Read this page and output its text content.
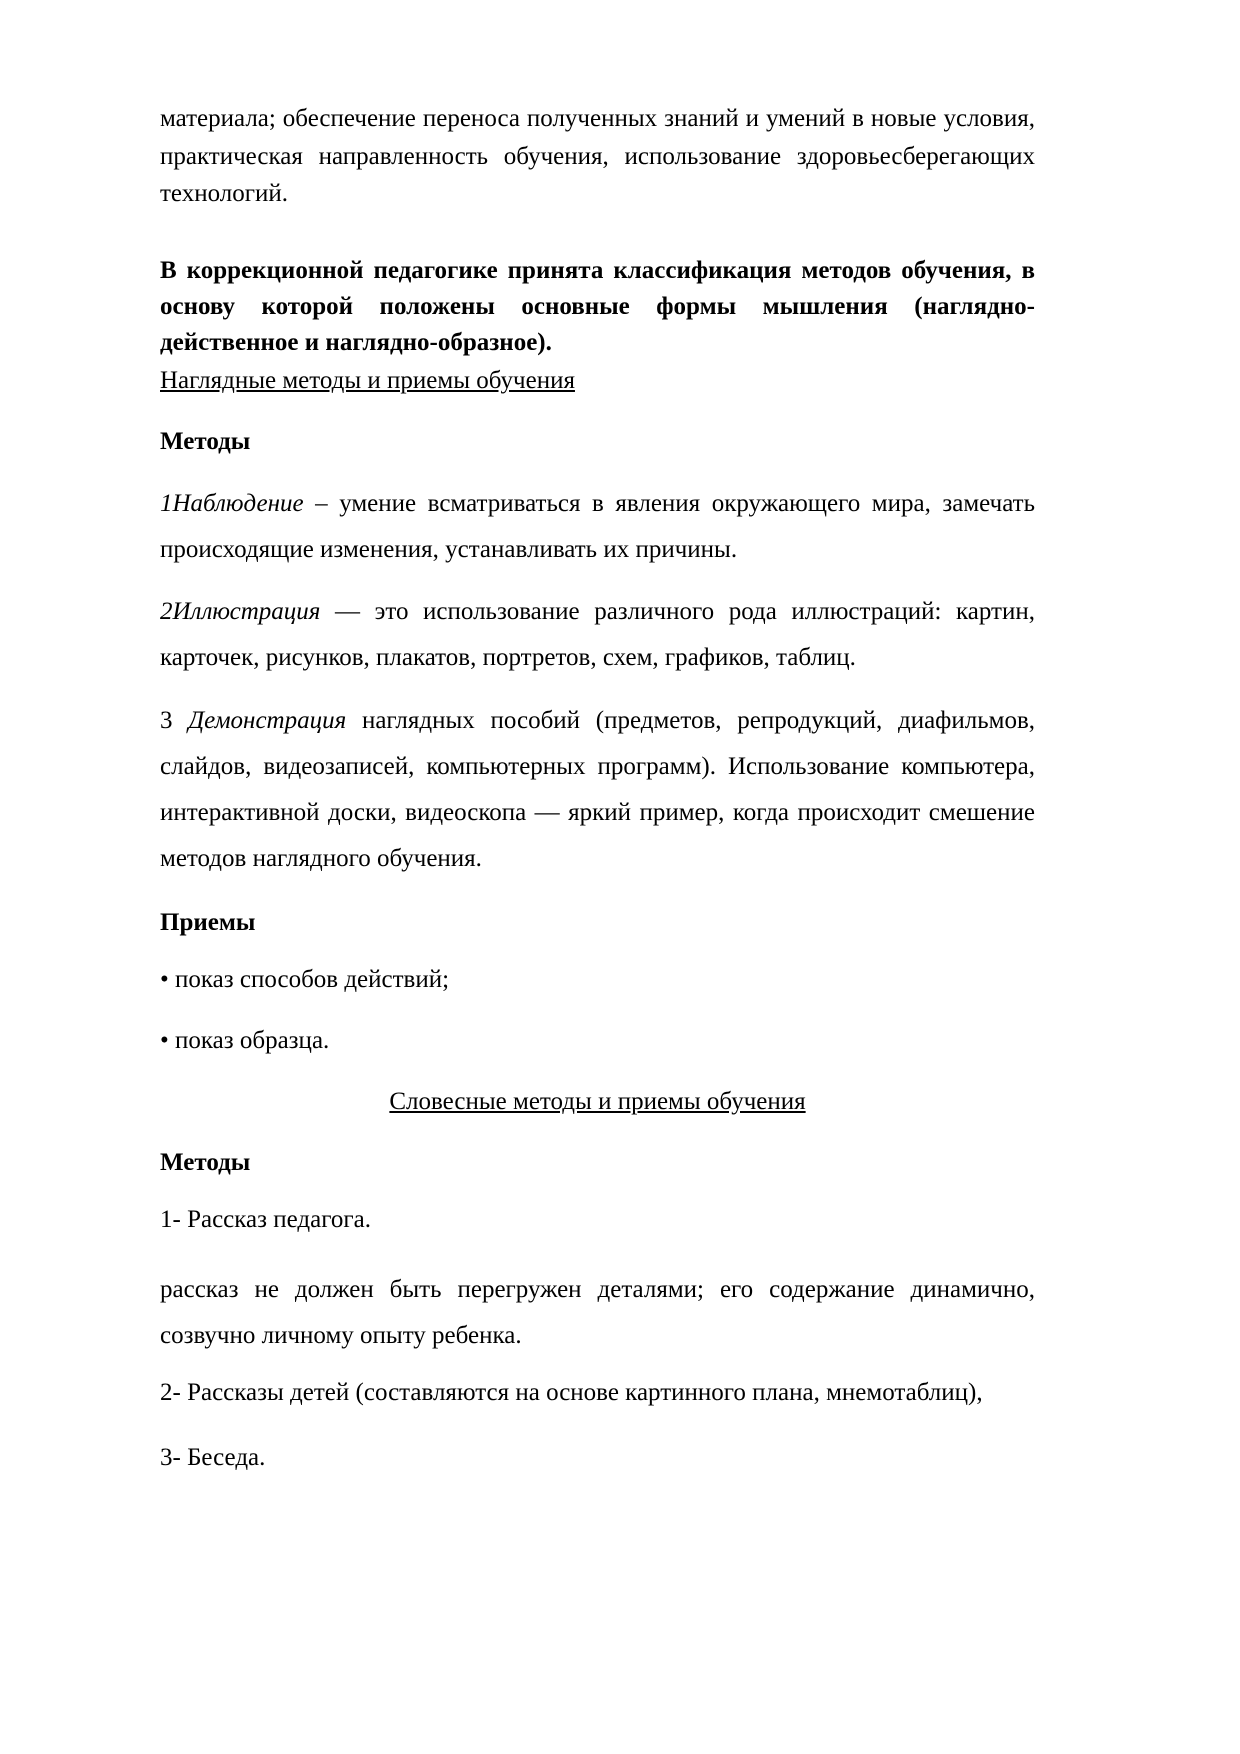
материала; обеспечение переноса полученных знаний и умений в новые условия, практическая направленность обучения, использование здоровьесберегающих технологий.

В коррекционной педагогике принята классификация методов обучения, в основу которой положены основные формы мышления (наглядно-действенное и наглядно-образное).

Наглядные методы и приемы обучения

Методы

1Наблюдение – умение всматриваться в явления окружающего мира, замечать происходящие изменения, устанавливать их причины.

2Иллюстрация — это использование различного рода иллюстраций: картин, карточек, рисунков, плакатов, портретов, схем, графиков, таблиц.

3 Демонстрация наглядных пособий (предметов, репродукций, диафильмов, слайдов, видеозаписей, компьютерных программ). Использование компьютера, интерактивной доски, видеоскопа — яркий пример, когда происходит смешение методов наглядного обучения.

Приемы

• показ способов действий;

• показ образца.

Словесные методы и приемы обучения

Методы

1- Рассказ педагога.

рассказ не должен быть перегружен деталями; его содержание динамично, созвучно личному опыту ребенка.

2- Рассказы детей (составляются на основе картинного плана, мнемотаблиц),

3- Беседа.
